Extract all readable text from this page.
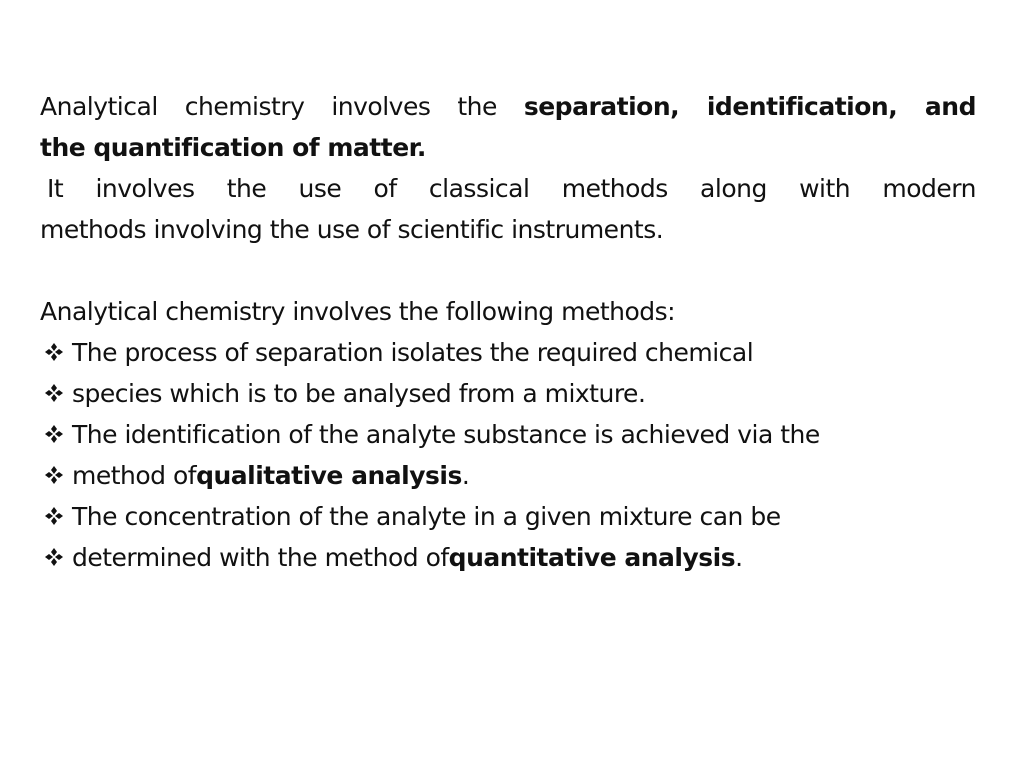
Analytical chemistry involves the separation, identification, and
the quantification of matter.
It involves the use of classical methods along with modern
methods involving the use of scientific instruments.
Analytical chemistry involves the following methods:
The process of separation isolates the required chemical
species which is to be analysed from a mixture.
The identification of the analyte substance is achieved via the
method of qualitative analysis .
The concentration of the analyte in a given mixture can be
determined with the method of quantitative analysis .
